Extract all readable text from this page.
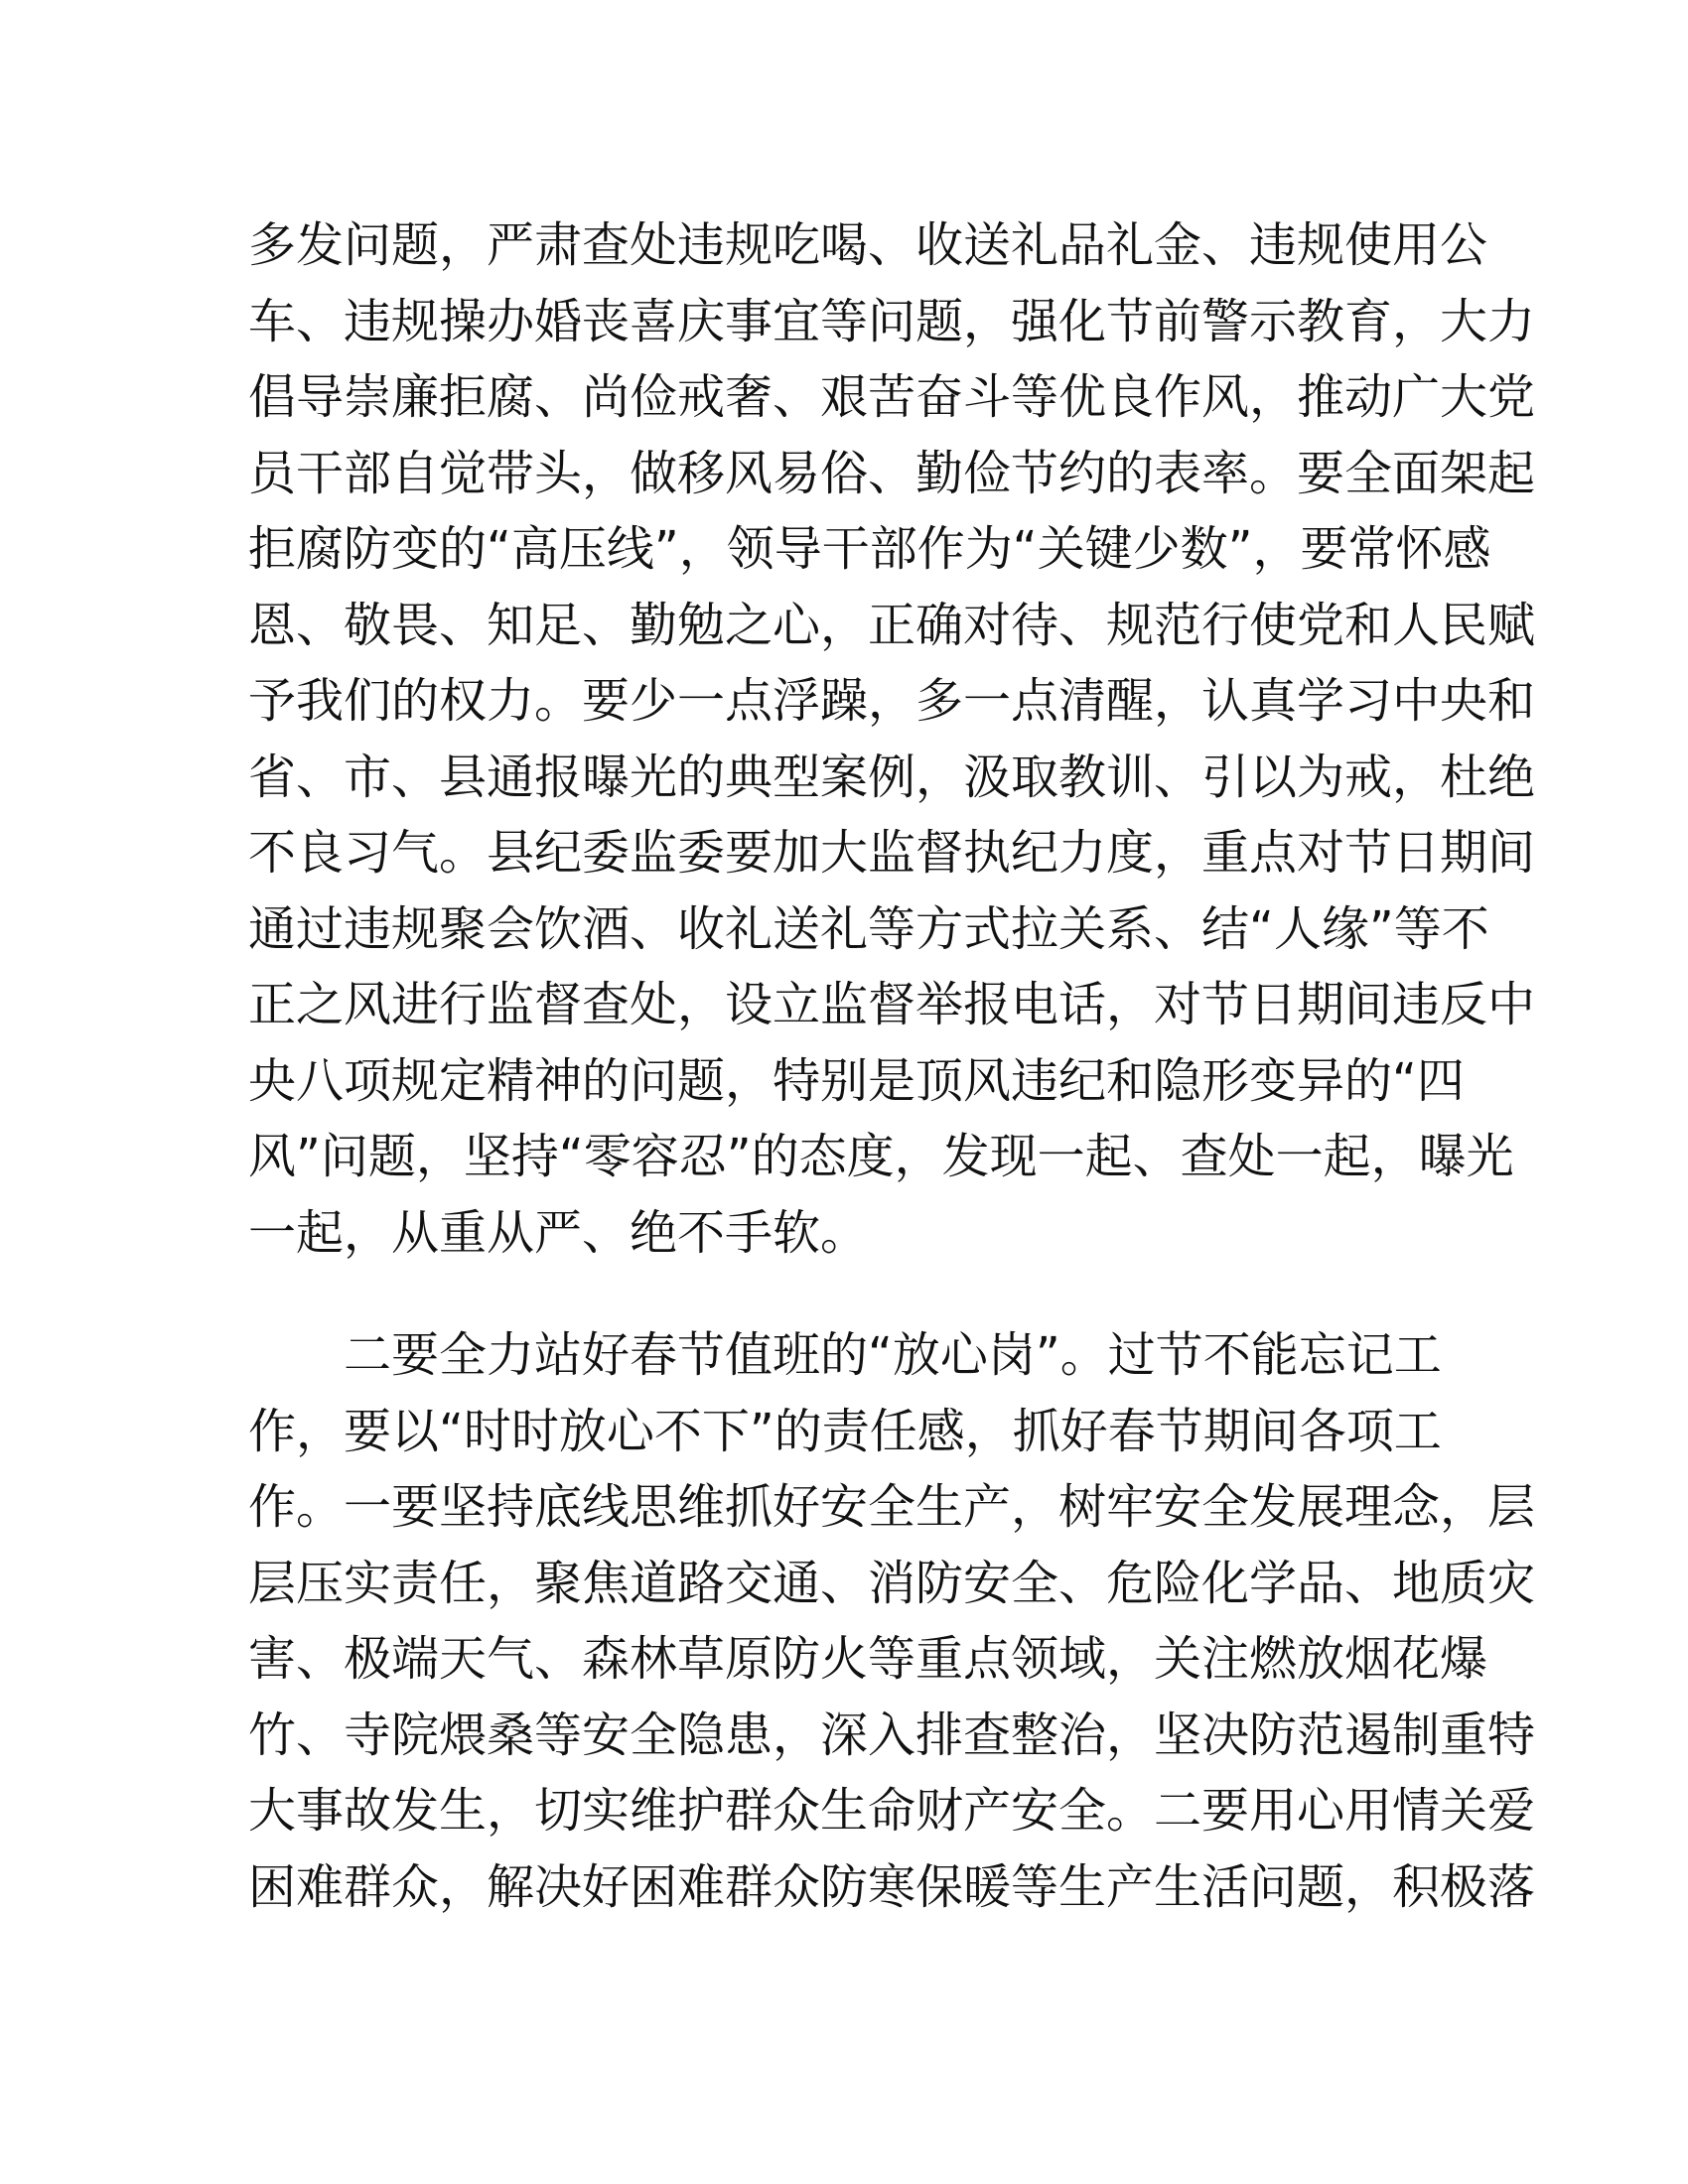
多发问题，严肃查处违规吃喝、收送礼品礼金、违规使用公
车、违规操办婚丧喜庆事宜等问题，强化节前警示教育，大力
倡导崇廉拒腐、尚俭戒奢、艰苦奋斗等优良作风，推动广大党
员干部自觉带头，做移风易俗、勤俭节约的表率。要全面架起
拒腐防变的“高压线”，领导干部作为“关键少数”，要常怀感
恩、敬畏、知足、勤勉之心，正确对待、规范行使党和人民赋
予我们的权力。要少一点浮躁，多一点清醒，认真学习中央和
省、市、县通报曝光的典型案例，汲取教训、引以为戒，杜绝
不良习气。县纪委监委要加大监督执纪力度，重点对节日期间
通过违规聚会饮酒、收礼送礼等方式拉关系、结“人缘”等不
正之风进行监督查处，设立监督举报电话，对节日期间违反中
央八项规定精神的问题，特别是顶风违纪和隐形变异的“四
风”问题，坚持“零容忍”的态度，发现一起、查处一起，曝光
一起，从重从严、绝不手软。
　　二要全力站好春节值班的“放心岗”。过节不能忘记工
作，要以“时时放心不下”的责任感，抓好春节期间各项工
作。一要坚持底线思维抓好安全生产，树牢安全发展理念，层
层压实责任，聚焦道路交通、消防安全、危险化学品、地质灾
害、极端天气、森林草原防火等重点领域，关注燃放烟花爆
竹、寺院煨桑等安全隐患，深入排查整治，坚决防范遏制重特
大事故发生，切实维护群众生命财产安全。二要用心用情关爱
困难群众，解决好困难群众防寒保暖等生产生活问题，积极落
